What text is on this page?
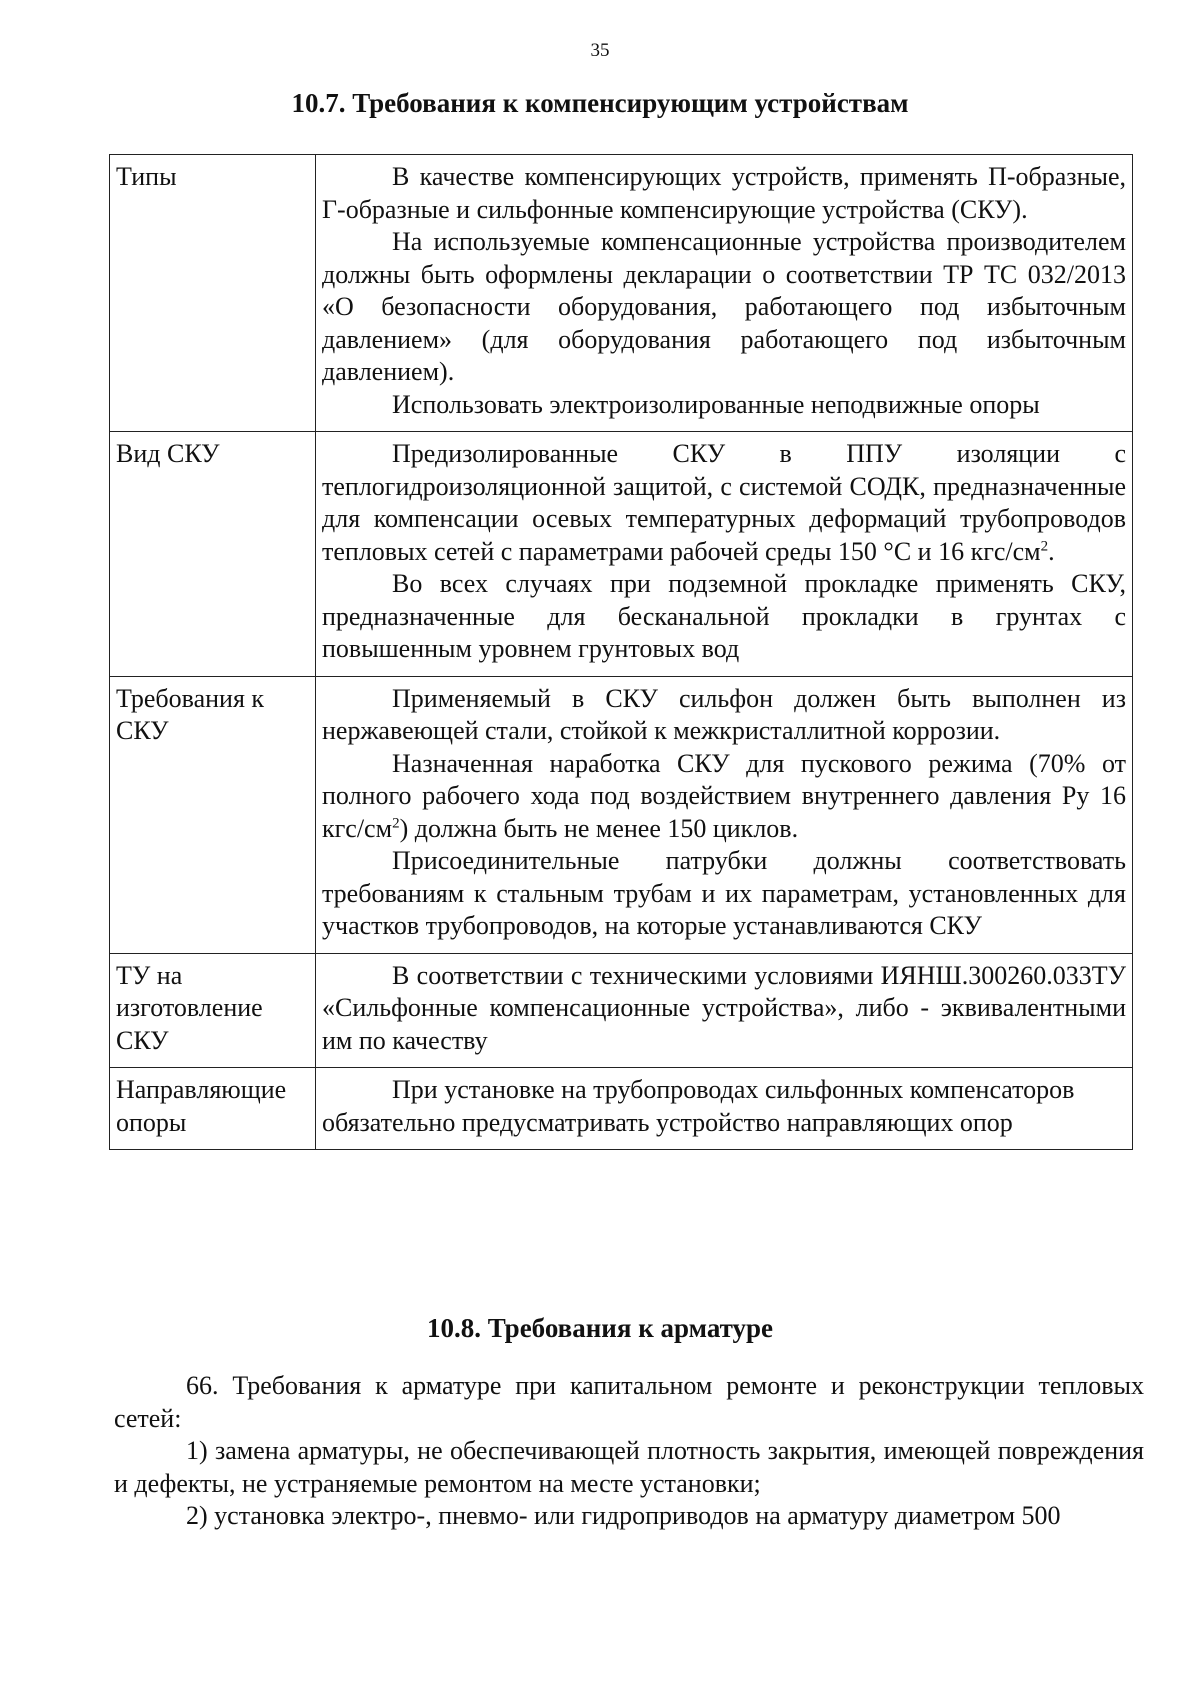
35
10.7. Требования к компенсирующим устройствам
Типы	В качестве компенсирующих устройств, применять П-образные, Г-образные и сильфонные компенсирующие устройства (СКУ).

На используемые компенсационные устройства производителем должны быть оформлены декларации о соответствии ТР ТС 032/2013 «О безопасности оборудования, работающего под избыточным давлением» (для оборудования работающего под избыточным давлением).

Использовать электроизолированные неподвижные опоры

Вид СКУ	Предизолированные СКУ в ППУ изоляции с теплогидроизоляционной защитой, с системой СОДК, предназначенные для компенсации осевых температурных деформаций трубопроводов тепловых сетей с параметрами рабочей среды 150 °С и 16 кгс/$см^2$.

Во всех случаях при подземной прокладке применять СКУ, предназначенные для бесканальной прокладки в грунтах с повышенным уровнем грунтовых вод

Требования к СКУ	Применяемый в СКУ сильфон должен быть выполнен из нержавеющей стали, стойкой к межкристаллитной коррозии.

Назначенная наработка СКУ для пускового режима (70% от полного рабочего хода под воздействием внутреннего давления Ру 16 кгс/$см^2$) должна быть не менее 150 циклов.

Присоединительные патрубки должны соответствовать требованиям к стальным трубам и их параметрам, установленных для участков трубопроводов, на которые устанавливаются СКУ

ТУ на изготовление СКУ	В соответствии с техническими условиями ИЯНШ.300260.033ТУ «Сильфонные компенсационные устройства», либо - эквивалентными им по качеству

Направляющие опоры	При установке на трубопроводах сильфонных компенсаторов обязательно предусматривать устройство направляющих опор

10.8. Требования к арматуре

66. Требования к арматуре при капитальном ремонте и реконструкции тепловых сетей:

1) замена арматуры, не обеспечивающей плотность закрытия, имеющей повреждения и дефекты, не устраняемые ремонтом на месте установки;

2) установка электро-, пневмо- или гидроприводов на арматуру диаметром 500
